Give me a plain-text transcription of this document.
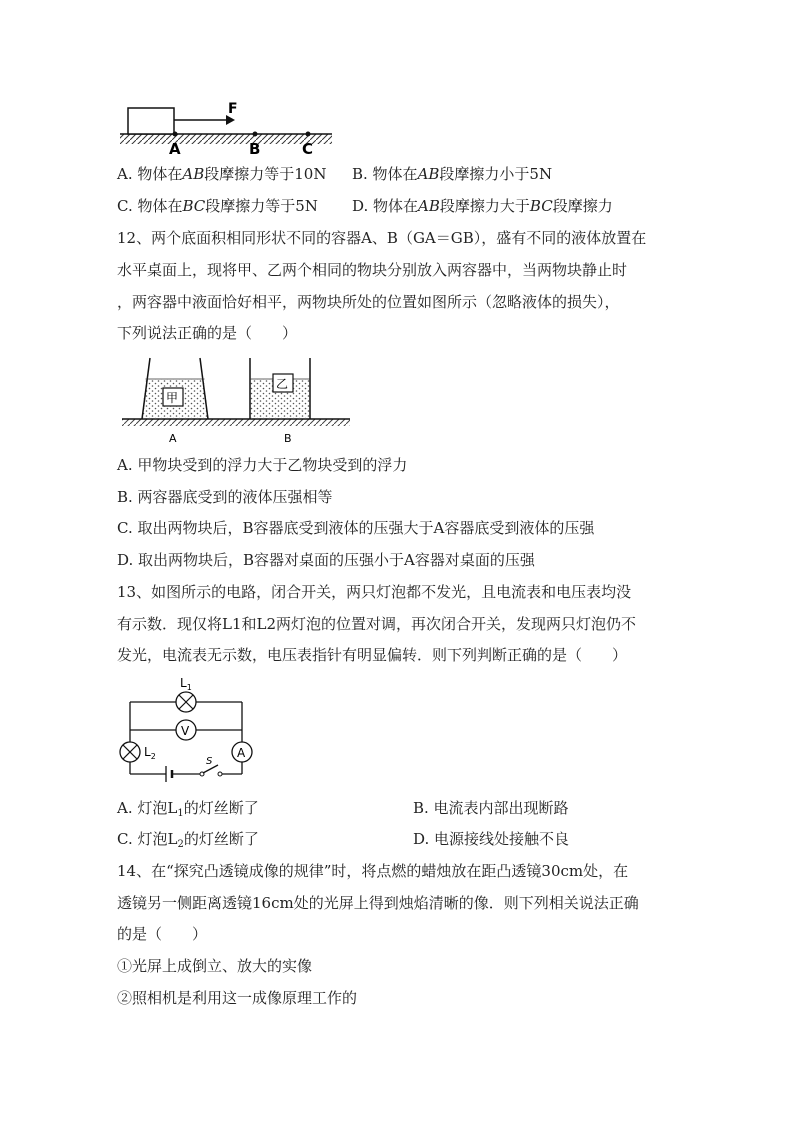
F
A	B	C
A. 物体在AB段摩擦力等于10N B. 物体在AB段摩擦力小于5N
C. 物体在BC段摩擦力等于5N D. 物体在AB段摩擦力大于BC段摩擦力
12、两个底面积相同形状不同的容器A、B（GA＝GB），盛有不同的液体放置在
水平桌面上，现将甲、乙两个相同的物块分别放入两容器中，当两物块静止时
，两容器中液面恰好相平，两物块所处的位置如图所示（忽略液体的损失），
下列说法正确的是（　　）
甲
乙
A	B
A. 甲物块受到的浮力大于乙物块受到的浮力
B. 两容器底受到的液体压强相等
C. 取出两物块后，B容器底受到液体的压强大于A容器底受到液体的压强
D. 取出两物块后，B容器对桌面的压强小于A容器对桌面的压强
13、如图所示的电路，闭合开关，两只灯泡都不发光，且电流表和电压表均没
有示数．现仅将L1和L2两灯泡的位置对调，再次闭合开关，发现两只灯泡仍不
发光，电流表无示数，电压表指针有明显偏转．则下列判断正确的是（　　）
$L_1$
V
$L_2$	A
S
A. 灯泡$L_1$的灯丝断了	B. 电流表内部出现断路
C. 灯泡$L_2$的灯丝断了	D. 电源接线处接触不良
14、在“探究凸透镜成像的规律”时，将点燃的蜡烛放在距凸透镜30cm处，在
透镜另一侧距离透镜16cm处的光屏上得到烛焰清晰的像．则下列相关说法正确
的是（　　）
①光屏上成倒立、放大的实像
②照相机是利用这一成像原理工作的
